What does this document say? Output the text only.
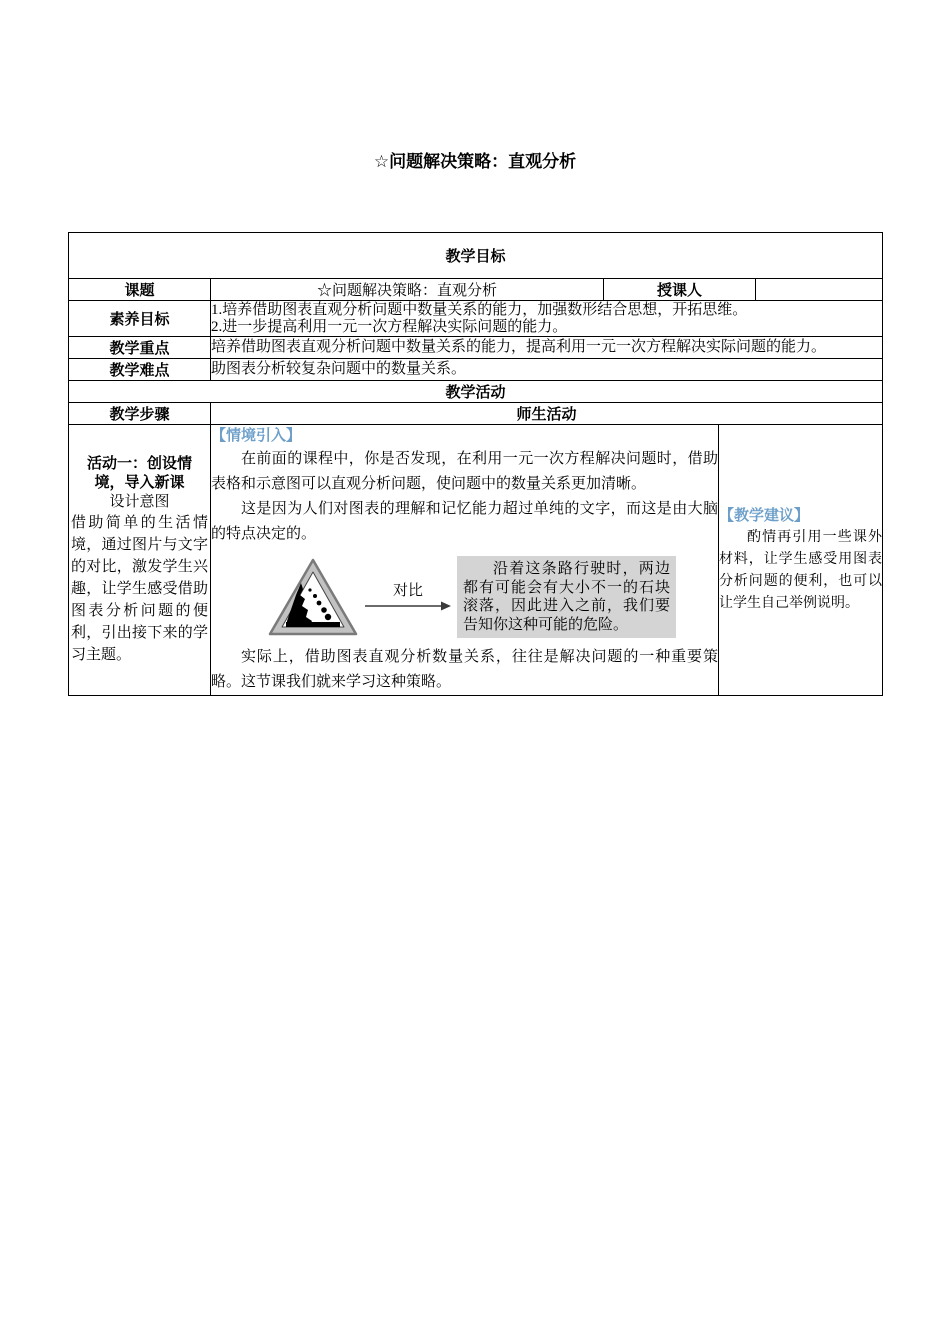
☆问题解决策略：直观分析
教学目标				
课题	☆问题解决策略：直观分析	授课人		
素养目标	1.培养借助图表直观分析问题中数量关系的能力，加强数形结合思想，开拓思维。
2.进一步提高利用一元一次方程解决实际问题的能力。			

教学重点	培养借助图表直观分析问题中数量关系的能力，提高利用一元一次方程解决实际问题的能力。			
教学难点	助图表分析较复杂问题中的数量关系。			
教学活动				
教学步骤	师生活动			

活动一：创设情
境，导入新课
设计意图
借助简单的生活情境，通过图片与文字的对比，激发学生兴趣，让学生感受借助图表分析问题的便利，引出接下来的学习主题。

【情境引入】

在前面的课程中，你是否发现，在利用一元一次方程解决问题时，借助表格和示意图可以直观分析问题，使问题中的数量关系更加清晰。

这是因为人们对图表的理解和记忆能力超过单纯的文字，而这是由大脑的特点决定的。

对比
沿着这条路行驶时，两边都有可能会有大小不一的石块滚落，因此进入之前，我们要告知你这种可能的危险。

实际上，借助图表直观分析数量关系，往往是解决问题的一种重要策略。这节课我们就来学习这种策略。

【教学建议】
酌情再引用一些课外材料，让学生感受用图表分析问题的便利，也可以让学生自己举例说明。
